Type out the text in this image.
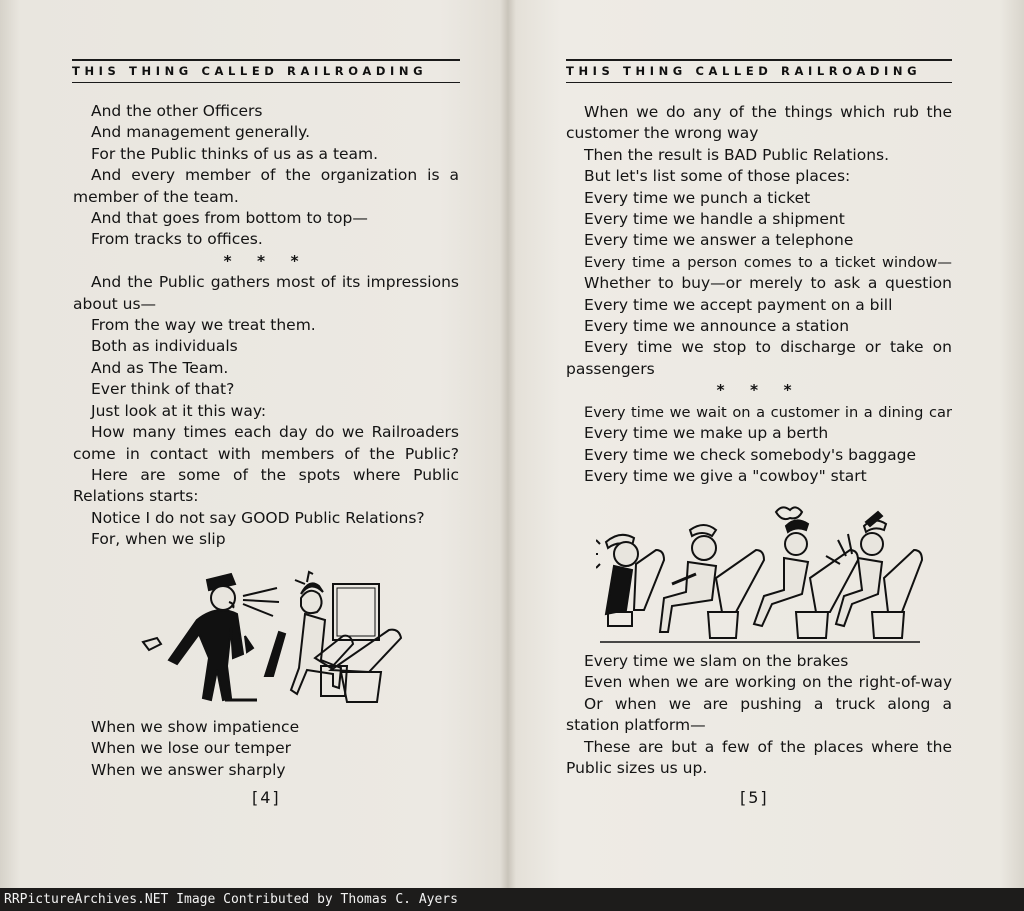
THIS THING CALLED RAILROADING
And the other Officers
And management generally.
For the Public thinks of us as a team.
And every member of the organization is a
member of the team.
And that goes from bottom to top—
From tracks to offices.
* * *
And the Public gathers most of its impressions
about us—
From the way we treat them.
Both as individuals
And as The Team.
Ever think of that?
Just look at it this way:
How many times each day do we Railroaders
come in contact with members of the Public?
Here are some of the spots where Public
Relations starts:
Notice I do not say GOOD Public Relations?
For, when we slip
When we show impatience
When we lose our temper
When we answer sharply
[4]
THIS THING CALLED RAILROADING
When we do any of the things which rub the
customer the wrong way
Then the result is BAD Public Relations.
But let's list some of those places:
Every time we punch a ticket
Every time we handle a shipment
Every time we answer a telephone
Every time a person comes to a ticket window—
Whether to buy—or merely to ask a question
Every time we accept payment on a bill
Every time we announce a station
Every time we stop to discharge or take on
passengers
* * *
Every time we wait on a customer in a dining car
Every time we make up a berth
Every time we check somebody's baggage
Every time we give a "cowboy" start
Every time we slam on the brakes
Even when we are working on the right-of-way
Or when we are pushing a truck along a
station platform—
These are but a few of the places where the
Public sizes us up.
[5]
RRPictureArchives.NET Image Contributed by Thomas C. Ayers
